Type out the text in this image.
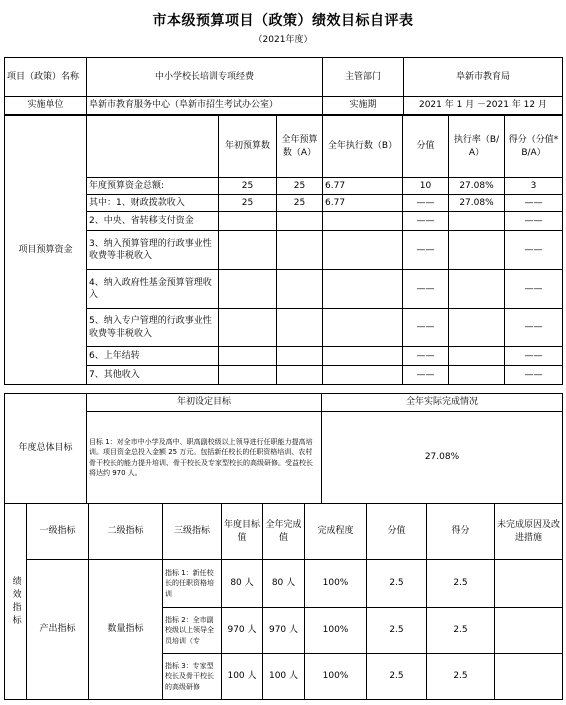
市本级预算项目（政策）绩效目标自评表
（2021年度）
项目（政策）名称	中小学校长培训专项经费	主管部门	阜新市教育局
实施单位	阜新市教育服务中心（阜新市招生考试办公室）	实施期	2021 年 1 月 －2021 年 12 月
项目预算资金		年初预算数	全年预算数（A）	全年执行数（B）	分值	执行率（B/A）	得分（分值*B/A）
	年度预算资金总额:	25	25	6.77	10	27.08%	3
	其中：1、财政拨款收入	25	25	6.77	——	27.08%	——
	2、中央、省转移支付资金				——		——
	3、纳入预算管理的行政事业性收费等非税收入				——		——
	4、纳入政府性基金预算管理收入				——		——
	5、纳入专户管理的行政事业性收费等非税收入				——		——
	6、上年结转				——		——
	7、其他收入				——		——
年度总体目标	年初设定目标	全年实际完成情况
	目标 1：对全市中小学及高中、职高副校级以上领导进行任职能力提高培训。项目资金总投入金额 25 万元。包括新任校长的任职资格培训、农村骨干校长的能力提升培训、骨干校长及专家型校长的高级研修。受益校长将达约 970 人。	27.08%
绩效指标	一级指标	二级指标	三级指标	年度目标值	全年完成值	完成程度	分值	得分	未完成原因及改进措施
	产出指标	数量指标	指标 1：新任校长的任职资格培训	80 人	80 人	100%	2.5	2.5	
			指标 2：全市副校级以上领导全员培训（专	970 人	970 人	100%	2.5	2.5	
			指标 3：专家型校长及骨干校长的高级研修	100 人	100 人	100%	2.5	2.5	
